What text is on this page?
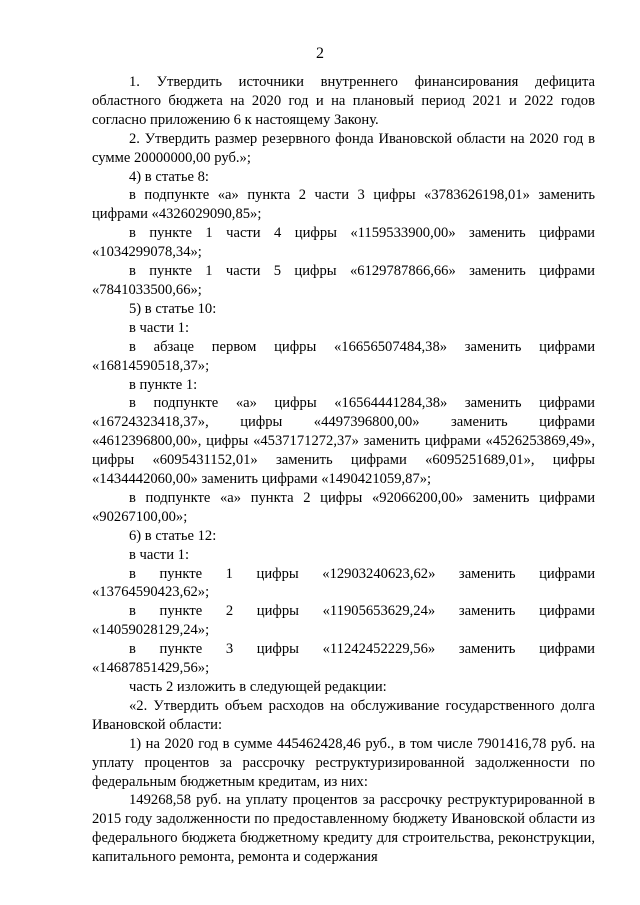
2

1. Утвердить источники внутреннего финансирования дефицита областного бюджета на 2020 год и на плановый период 2021 и 2022 годов согласно приложению 6 к настоящему Закону.

2. Утвердить размер резервного фонда Ивановской области на 2020 год в сумме 20000000,00 руб.»;

4) в статье 8:

в подпункте «а» пункта 2 части 3 цифры «3783626198,01» заменить цифрами «4326029090,85»;

в пункте 1 части 4 цифры «1159533900,00» заменить цифрами «1034299078,34»;

в пункте 1 части 5 цифры «6129787866,66» заменить цифрами «7841033500,66»;

5) в статье 10:

в части 1:

в абзаце первом цифры «16656507484,38» заменить цифрами «16814590518,37»;

в пункте 1:

в подпункте «а» цифры «16564441284,38» заменить цифрами «16724323418,37», цифры «4497396800,00» заменить цифрами «4612396800,00», цифры «4537171272,37» заменить цифрами «4526253869,49», цифры «6095431152,01» заменить цифрами «6095251689,01», цифры «1434442060,00» заменить цифрами «1490421059,87»;

в подпункте «а» пункта 2 цифры «92066200,00» заменить цифрами «90267100,00»;

6) в статье 12:

в части 1:

в пункте 1 цифры «12903240623,62» заменить цифрами «13764590423,62»;

в пункте 2 цифры «11905653629,24» заменить цифрами «14059028129,24»;

в пункте 3 цифры «11242452229,56» заменить цифрами «14687851429,56»;

часть 2 изложить в следующей редакции:

«2. Утвердить объем расходов на обслуживание государственного долга Ивановской области:

1) на 2020 год в сумме 445462428,46 руб., в том числе 7901416,78 руб. на уплату процентов за рассрочку реструктуризированной задолженности по федеральным бюджетным кредитам, из них:

149268,58 руб. на уплату процентов за рассрочку реструктурированной в 2015 году задолженности по предоставленному бюджету Ивановской области из федерального бюджета бюджетному кредиту для строительства, реконструкции, капитального ремонта, ремонта и содержания
